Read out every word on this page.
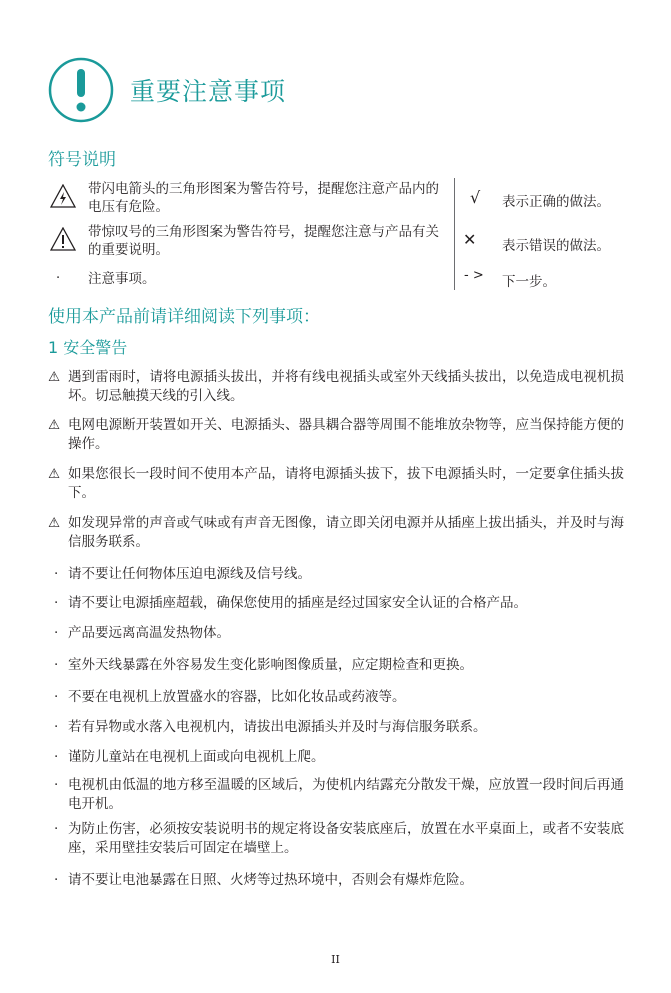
重要注意事项
符号说明
带闪电箭头的三角形图案为警告符号，提醒您注意产品内的电压有危险。
带惊叹号的三角形图案为警告符号，提醒您注意与产品有关的重要说明。
· 注意事项。
√ 表示正确的做法。
✕ 表示错误的做法。
- > 下一步。
使用本产品前请详细阅读下列事项：
1 安全警告
⚠ 遇到雷雨时，请将电源插头拔出，并将有线电视插头或室外天线插头拔出，以免造成电视机损坏。切忌触摸天线的引入线。
⚠ 电网电源断开装置如开关、电源插头、器具耦合器等周围不能堆放杂物等，应当保持能方便的操作。
⚠ 如果您很长一段时间不使用本产品，请将电源插头拔下，拔下电源插头时，一定要拿住插头拔下。
⚠ 如发现异常的声音或气味或有声音无图像，请立即关闭电源并从插座上拔出插头，并及时与海信服务联系。
· 请不要让任何物体压迫电源线及信号线。
· 请不要让电源插座超载，确保您使用的插座是经过国家安全认证的合格产品。
· 产品要远离高温发热物体。
· 室外天线暴露在外容易发生变化影响图像质量，应定期检查和更换。
· 不要在电视机上放置盛水的容器，比如化妆品或药液等。
· 若有异物或水落入电视机内，请拔出电源插头并及时与海信服务联系。
· 谨防儿童站在电视机上面或向电视机上爬。
· 电视机由低温的地方移至温暖的区域后，为使机内结露充分散发干燥，应放置一段时间后再通电开机。
· 为防止伤害，必须按安装说明书的规定将设备安装底座后，放置在水平桌面上，或者不安装底座，采用壁挂安装后可固定在墙壁上。
· 请不要让电池暴露在日照、火烤等过热环境中，否则会有爆炸危险。
II
